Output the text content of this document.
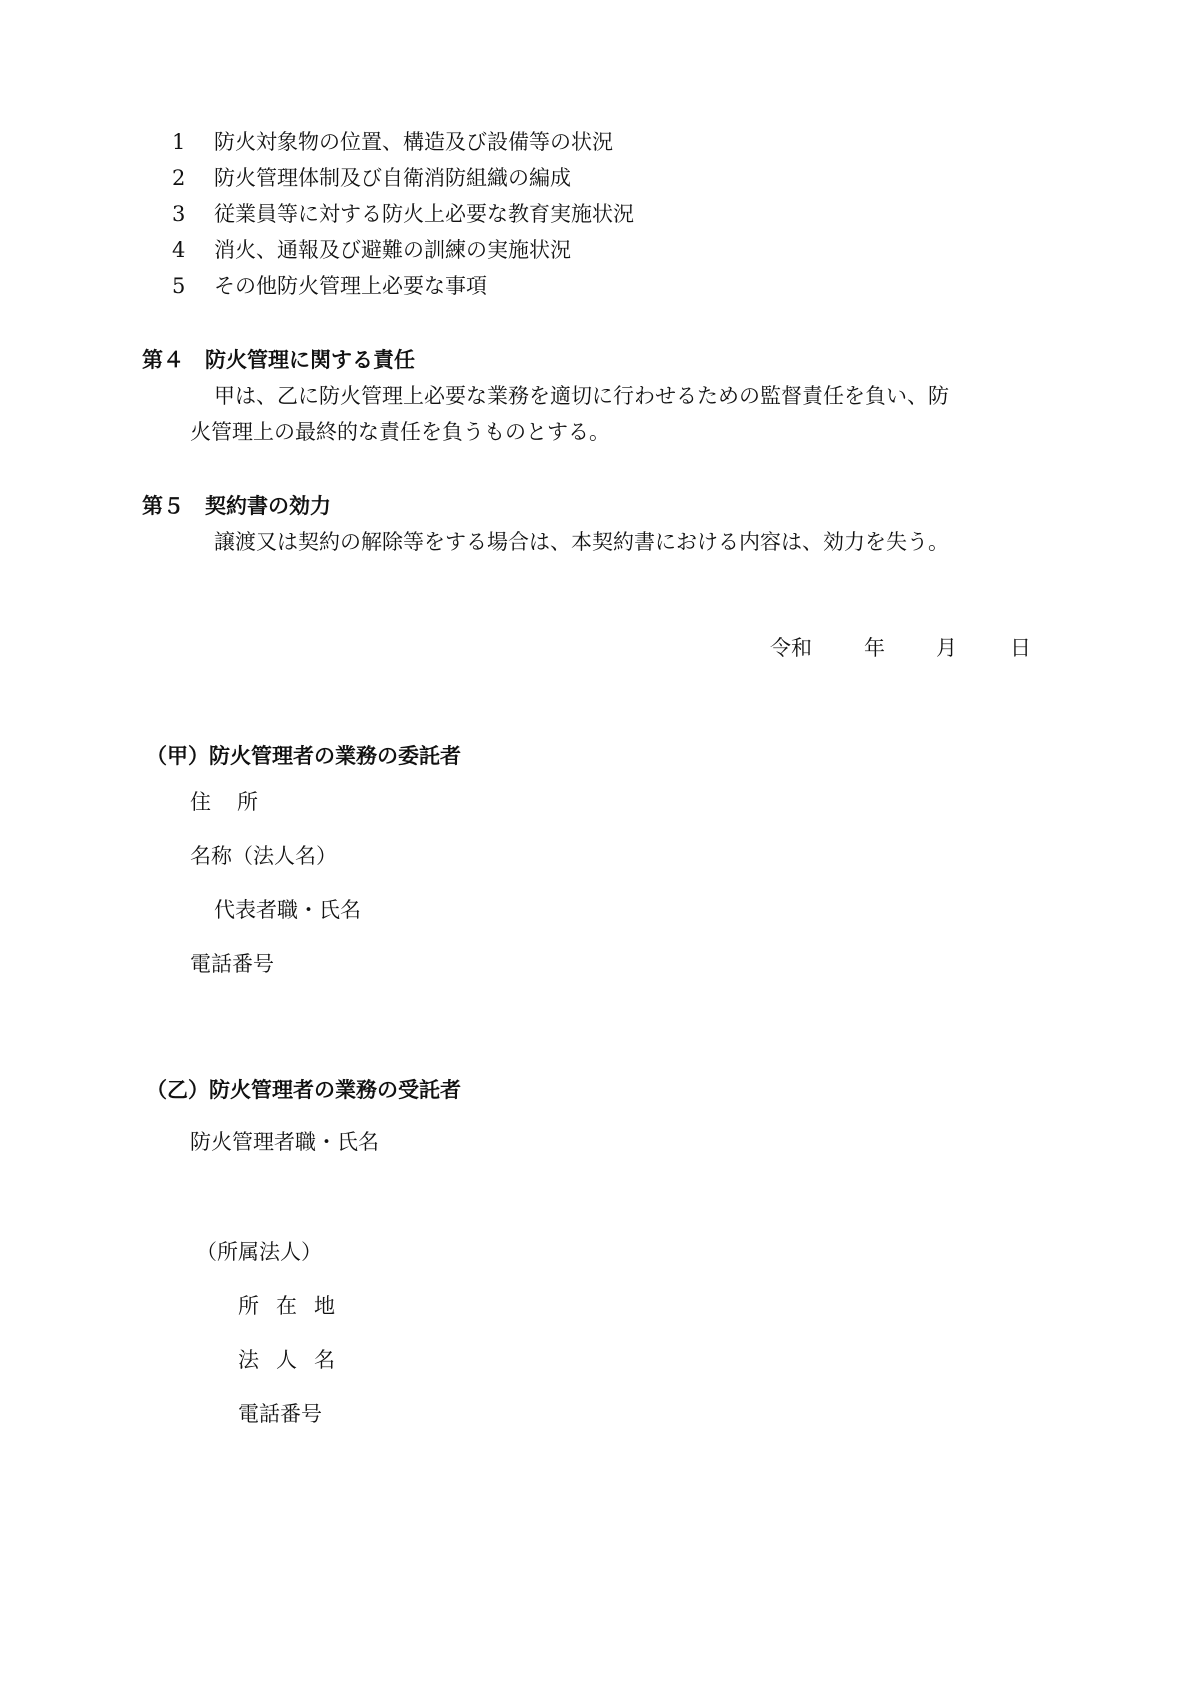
1 防火対象物の位置、構造及び設備等の状況
2 防火管理体制及び自衛消防組織の編成
3 従業員等に対する防火上必要な教育実施状況
4 消火、通報及び避難の訓練の実施状況
5 その他防火管理上必要な事項
第４　防火管理に関する責任
甲は、乙に防火管理上必要な業務を適切に行わせるための監督責任を負い、防
火管理上の最終的な責任を負うものとする。
第５　契約書の効力
譲渡又は契約の解除等をする場合は、本契約書における内容は、効力を失う。
令和 年 月	日
（甲）防火管理者の業務の委託者
住所
名称（法人名）
代表者職・氏名
電話番号
（乙）防火管理者の業務の受託者
防火管理者職・氏名
（所属法人）
所在地
法人名
電話番号
